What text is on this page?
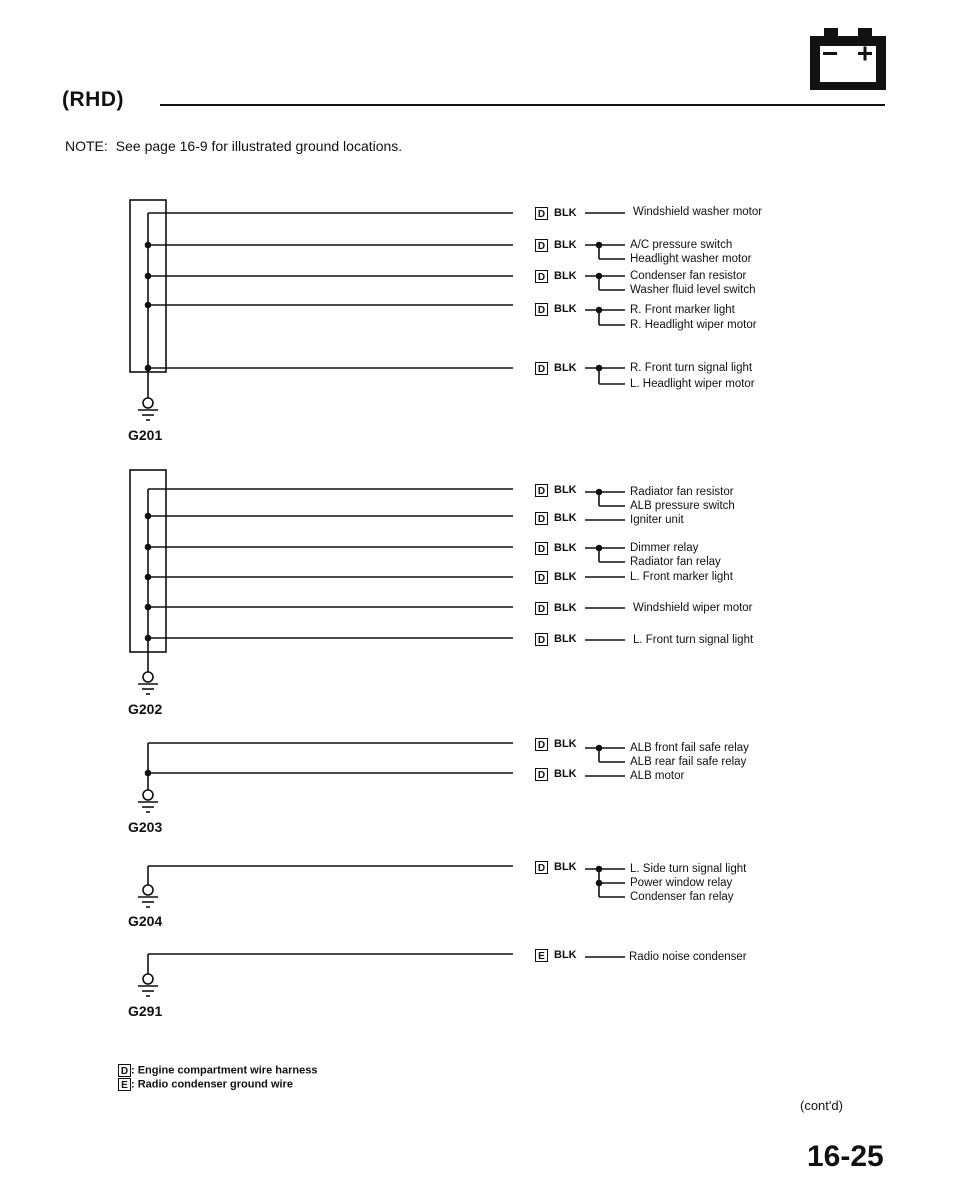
(RHD)
NOTE: See page 16-9 for illustrated ground locations.
G201
G202
G203
G204
G291
D BLK
D BLK
D BLK
D BLK
D BLK
D BLK
D BLK
D BLK
D BLK
D BLK
D BLK
D BLK
D BLK
D BLK
E BLK
Windshield washer motor
A/C pressure switch
Headlight washer motor
Condenser fan resistor
Washer fluid level switch
R. Front marker light
R. Headlight wiper motor
R. Front turn signal light
L. Headlight wiper motor
Radiator fan resistor
ALB pressure switch
Igniter unit
Dimmer relay
Radiator fan relay
L. Front marker light
Windshield wiper motor
L. Front turn signal light
ALB front fail safe relay
ALB rear fail safe relay
ALB motor
L. Side turn signal light
Power window relay
Condenser fan relay
Radio noise condenser
D : Engine compartment wire harness
E : Radio condenser ground wire
(cont'd)
16-25
